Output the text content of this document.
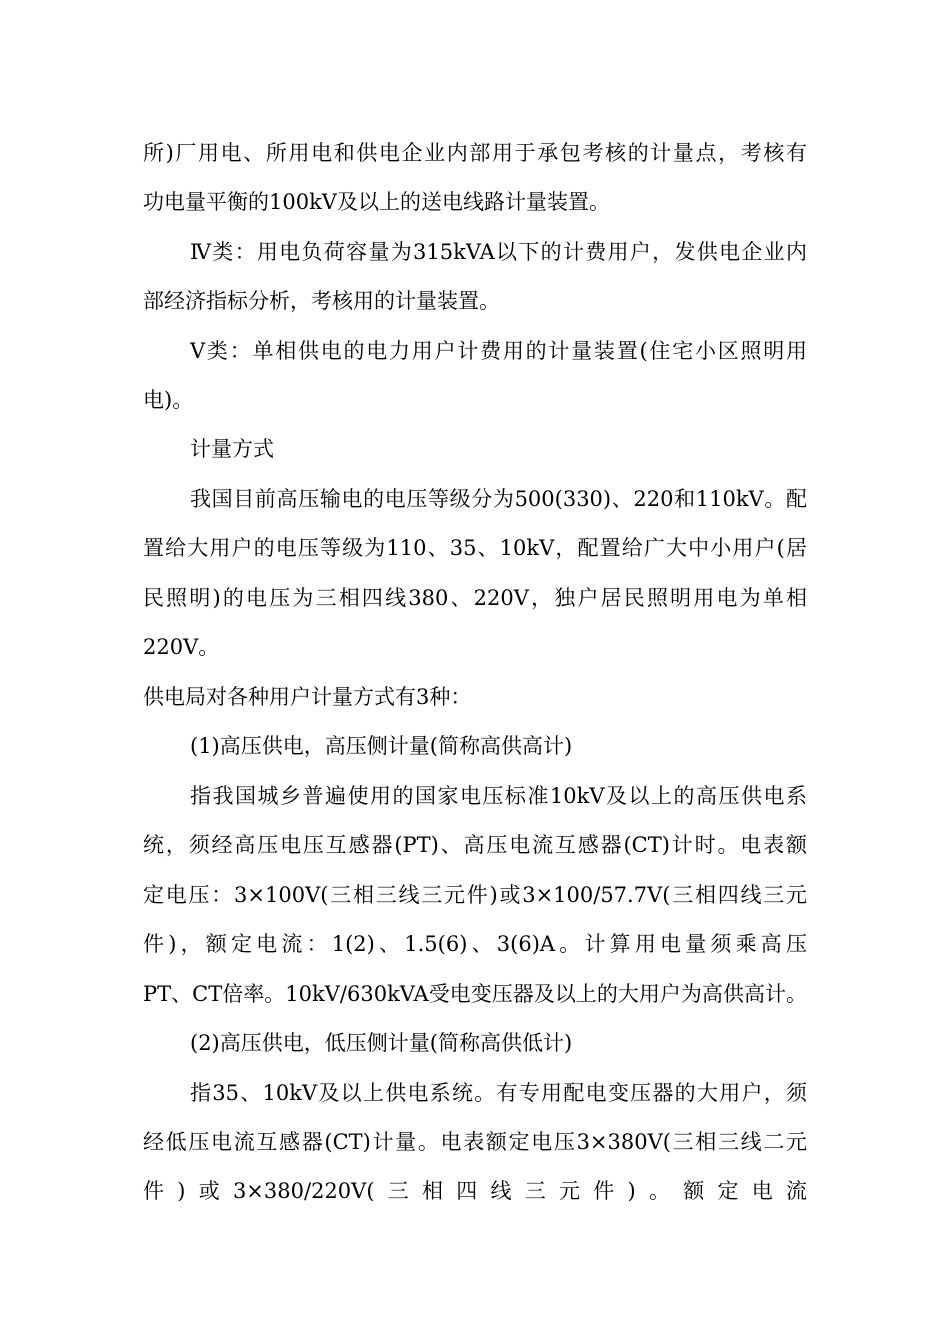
所)厂用电、所用电和供电企业内部用于承包考核的计量点，考核有
功电量平衡的100kV及以上的送电线路计量装置。
Ⅳ类：用电负荷容量为315kVA以下的计费用户，发供电企业内
部经济指标分析，考核用的计量装置。
Ⅴ类：单相供电的电力用户计费用的计量装置(住宅小区照明用
电)。
计量方式
我国目前高压输电的电压等级分为500(330)、220和110kV。配
置给大用户的电压等级为110、35、10kV，配置给广大中小用户(居
民照明)的电压为三相四线380、220V，独户居民照明用电为单相
220V。
供电局对各种用户计量方式有3种：
(1)高压供电，高压侧计量(简称高供高计)
指我国城乡普遍使用的国家电压标准10kV及以上的高压供电系
统，须经高压电压互感器(PT)、高压电流互感器(CT)计时。电表额
定电压：3×100V(三相三线三元件)或3×100/57.7V(三相四线三元
件)，额定电流：1(2)、1.5(6)、3(6)A。计算用电量须乘高压
PT、CT倍率。10kV/630kVA受电变压器及以上的大用户为高供高计。
(2)高压供电，低压侧计量(简称高供低计)
指35、10kV及以上供电系统。有专用配电变压器的大用户，须
经低压电流互感器(CT)计量。电表额定电压3×380V(三相三线二元
件)或3×380/220V(三相四线三元件)。额定电流
